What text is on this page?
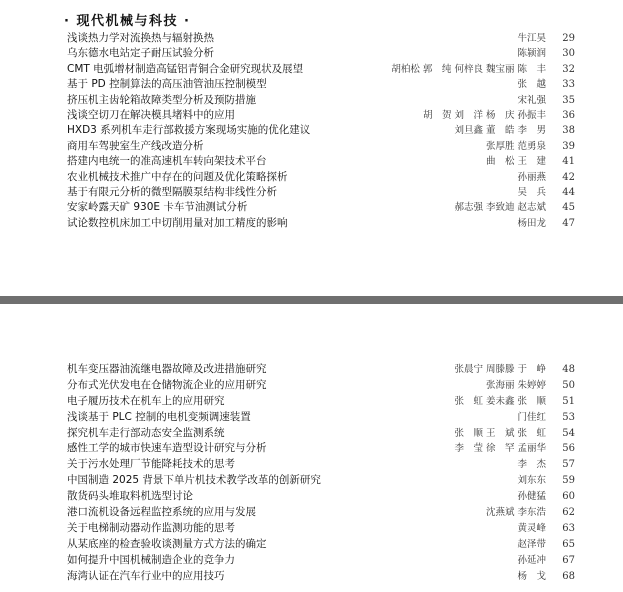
· 现代机械与科技 ·
浅谈热力学对流换热与辐射换热	牛江昊	29
乌东德水电站定子耐压试验分析	陈颍润	30
CMT 电弧增材制造高锰铝青铜合金研究现状及展望	胡柏松 郭　纯 何梓良 魏宝丽 陈　丰	32
基于 PD 控制算法的高压油管油压控制模型	张　越	33
挤压机主齿轮箱故障类型分析及预防措施	宋礼强	35
浅谈空切刀在解决模具堵料中的应用	胡　贺 刘　洋 杨　庆 孙振丰	36
HXD3 系列机车走行部救援方案现场实施的优化建议	刘旦鑫 董　皓 李　男	38
商用车驾驶室生产线改造分析	张厚胜 范勇泉	39
搭建内电统一的准高速机车转向架技术平台	曲　松 王　建	41
农业机械技术推广中存在的问题及优化策略探析	孙丽燕	42
基于有限元分析的微型隔膜泵结构非线性分析	吴　兵	44
安家岭露天矿 930E 卡车节油测试分析	郝志强 李致迪 赵志斌	45
试论数控机床加工中切削用量对加工精度的影响	杨田龙	47
机车变压器油流继电器故障及改进措施研究	张晨宁 周滕滕 于　峥	48
分布式光伏发电在仓储物流企业的应用研究	张海丽 朱婷婷	50
电子履历技术在机车上的应用研究	张　虹 姜未鑫 张　顺	51
浅谈基于 PLC 控制的电机变频调速装置	门佳红	53
探究机车走行部动态安全监测系统	张　顺 王　斌 张　虹	54
感性工学的城市快速车造型设计研究与分析	李　莹 徐　罕 孟丽华	56
关于污水处理厂节能降耗技术的思考	李　杰	57
中国制造 2025 背景下单片机技术教学改革的创新研究	刘东东	59
散货码头堆取料机选型讨论	孙健猛	60
港口流机设备远程监控系统的应用与发展	沈燕斌 李东浩	62
关于电梯制动器动作监测功能的思考	黄灵峰	63
从某底座的检查验收谈测量方式方法的确定	赵泽带	65
如何提升中国机械制造企业的竞争力	孙延冲	67
海湾认证在汽车行业中的应用技巧	杨　戈	68
